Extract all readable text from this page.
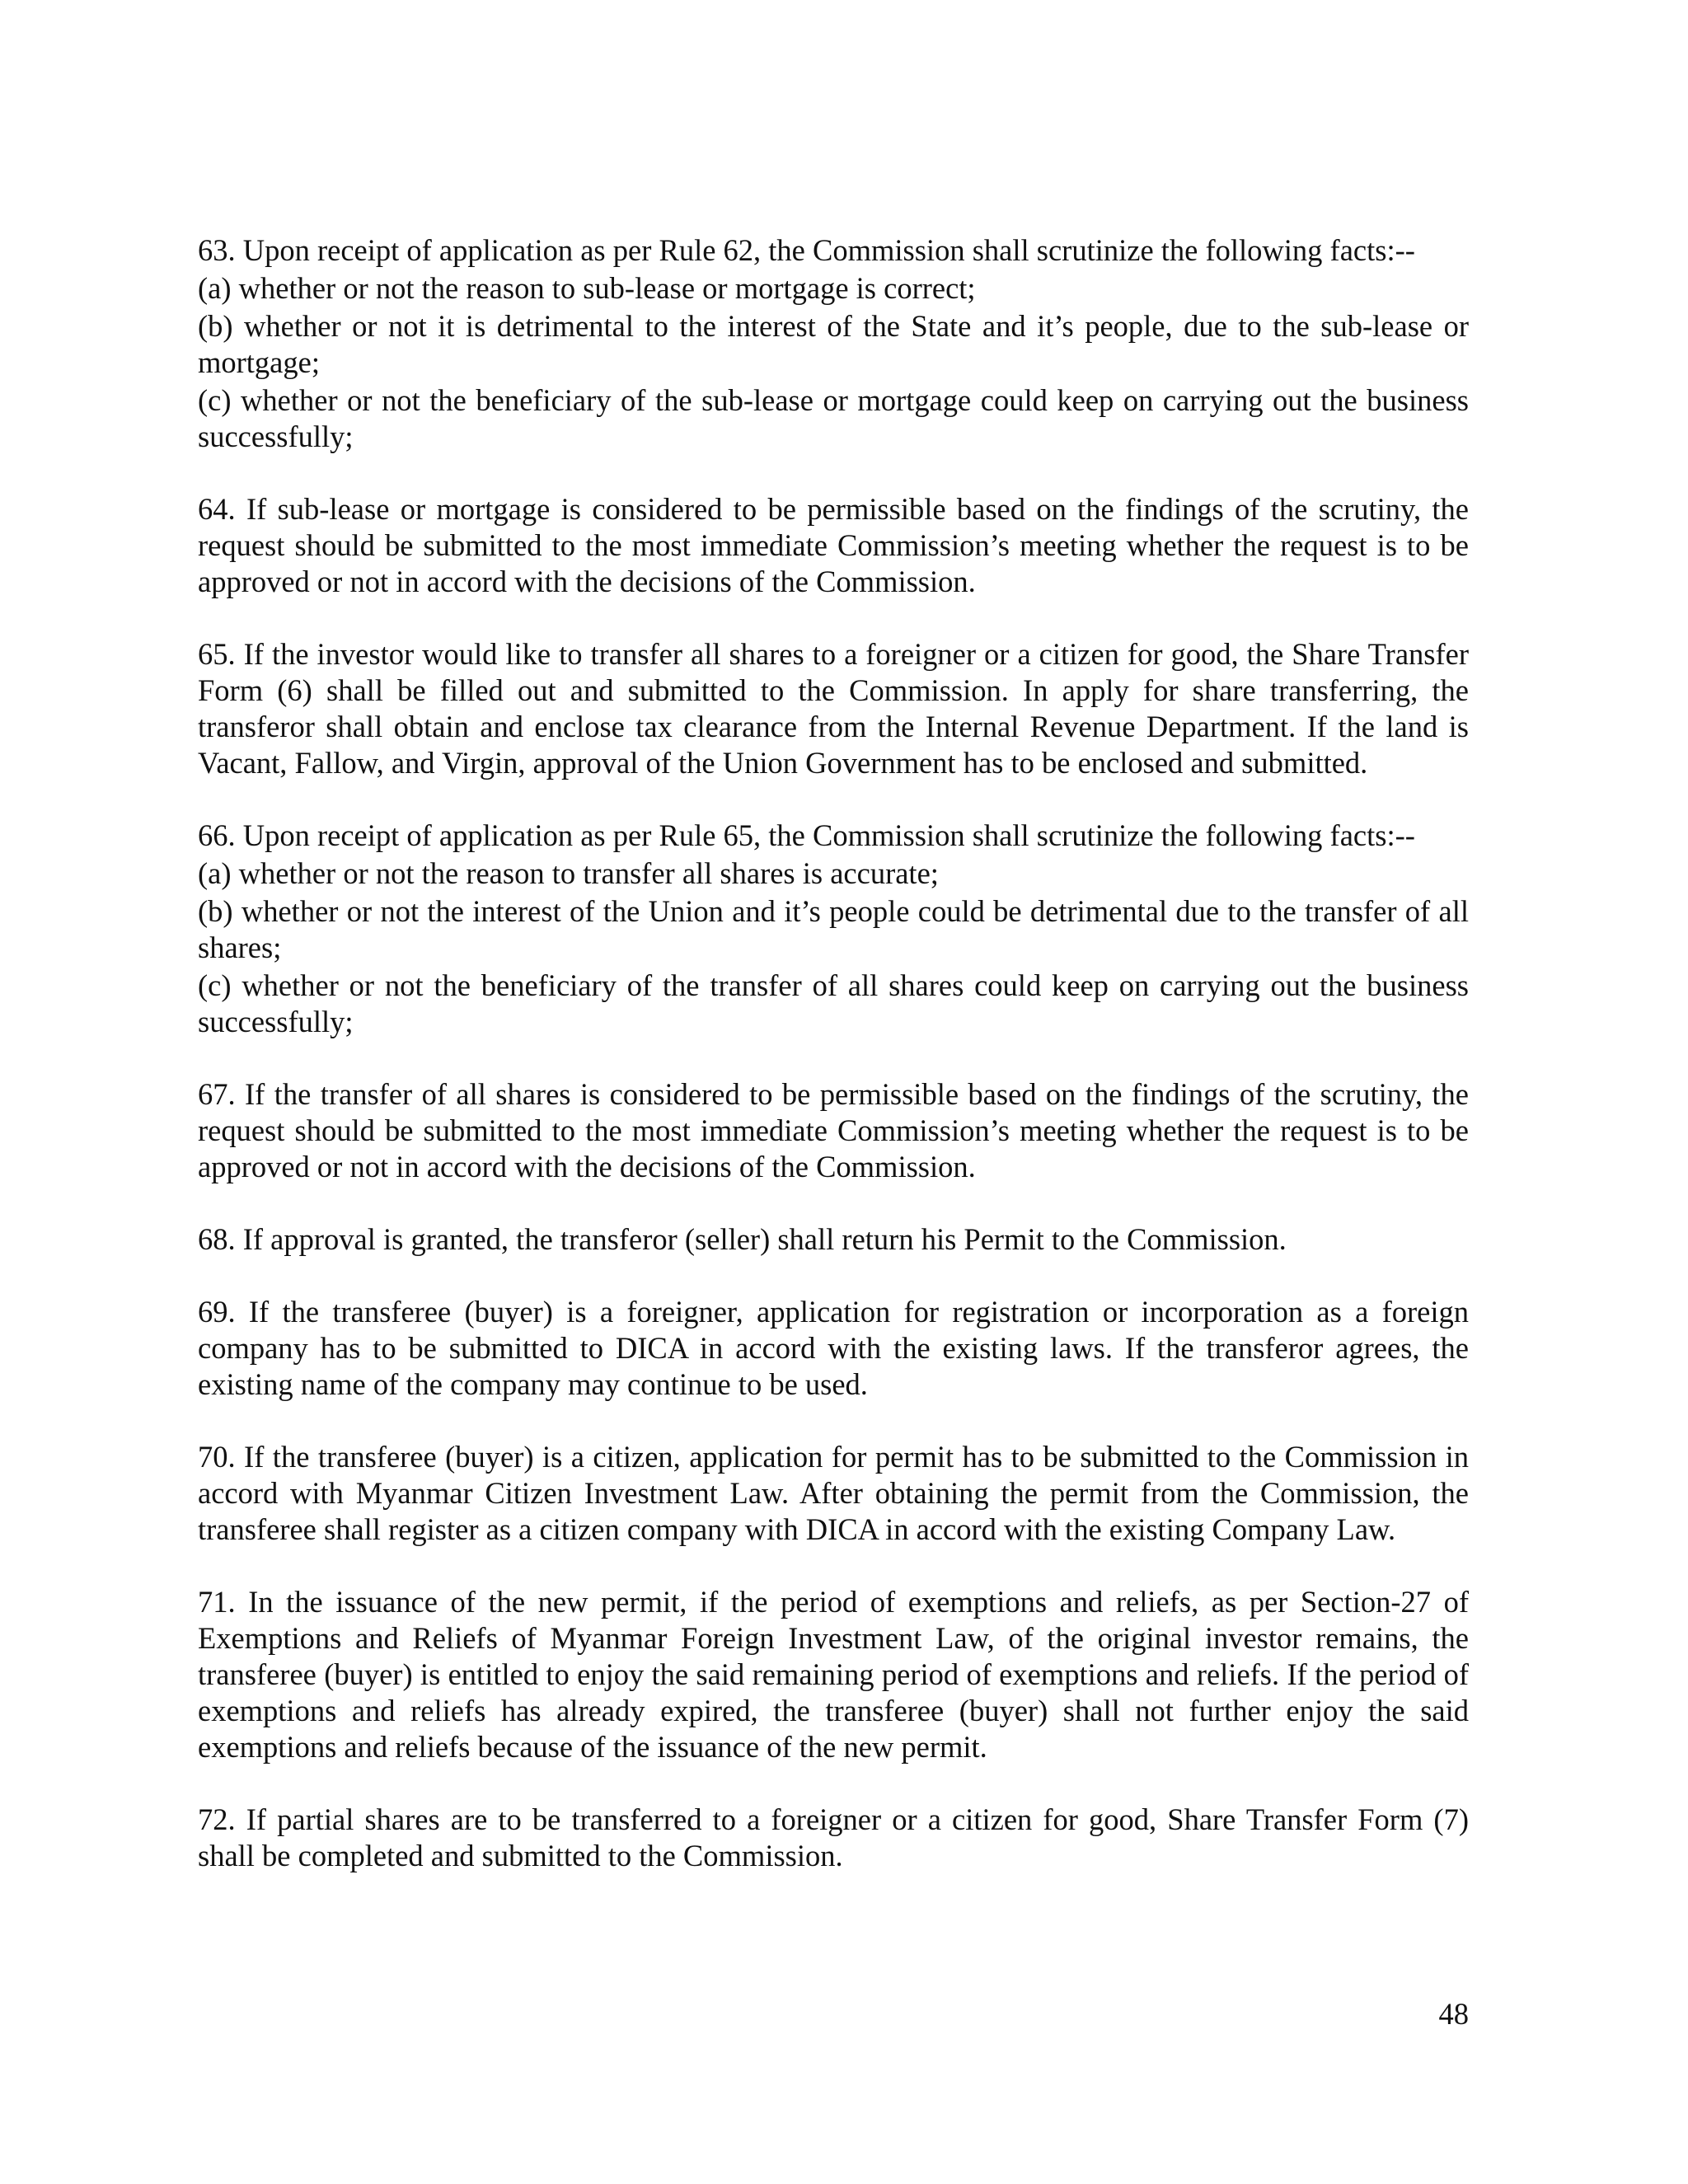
63. Upon receipt of application as per Rule 62, the Commission shall scrutinize the following facts:--
(a) whether or not the reason to sub-lease or mortgage is correct;
(b) whether or not it is detrimental to the interest of the State and it’s people, due to the sub-lease or mortgage;
(c) whether or not the beneficiary of the sub-lease or mortgage could keep on carrying out the business successfully;

64. If sub-lease or mortgage is considered to be permissible based on the findings of the scrutiny, the request should be submitted to the most immediate Commission’s meeting whether the request is to be approved or not in accord with the decisions of the Commission.

65. If the investor would like to transfer all shares to a foreigner or a citizen for good, the Share Transfer Form (6) shall be filled out and submitted to the Commission. In apply for share transferring, the transferor shall obtain and enclose tax clearance from the Internal Revenue Department. If the land is Vacant, Fallow, and Virgin, approval of the Union Government has to be enclosed and submitted.

66. Upon receipt of application as per Rule 65, the Commission shall scrutinize the following facts:--
(a) whether or not the reason to transfer all shares is accurate;
(b) whether or not the interest of the Union and it’s people could be detrimental due to the transfer of all shares;
(c) whether or not the beneficiary of the transfer of all shares could keep on carrying out the business successfully;

67. If the transfer of all shares is considered to be permissible based on the findings of the scrutiny, the request should be submitted to the most immediate Commission’s meeting whether the request is to be approved or not in accord with the decisions of the Commission.

68. If approval is granted, the transferor (seller) shall return his Permit to the Commission.

69. If the transferee (buyer) is a foreigner, application for registration or incorporation as a foreign company has to be submitted to DICA in accord with the existing laws. If the transferor agrees, the existing name of the company may continue to be used.

70. If the transferee (buyer) is a citizen, application for permit has to be submitted to the Commission in accord with Myanmar Citizen Investment Law. After obtaining the permit from the Commission, the transferee shall register as a citizen company with DICA in accord with the existing Company Law.

71. In the issuance of the new permit, if the period of exemptions and reliefs, as per Section-27 of Exemptions and Reliefs of Myanmar Foreign Investment Law, of the original investor remains, the transferee (buyer) is entitled to enjoy the said remaining period of exemptions and reliefs. If the period of exemptions and reliefs has already expired, the transferee (buyer) shall not further enjoy the said exemptions and reliefs because of the issuance of the new permit.

72. If partial shares are to be transferred to a foreigner or a citizen for good, Share Transfer Form (7) shall be completed and submitted to the Commission.

48
